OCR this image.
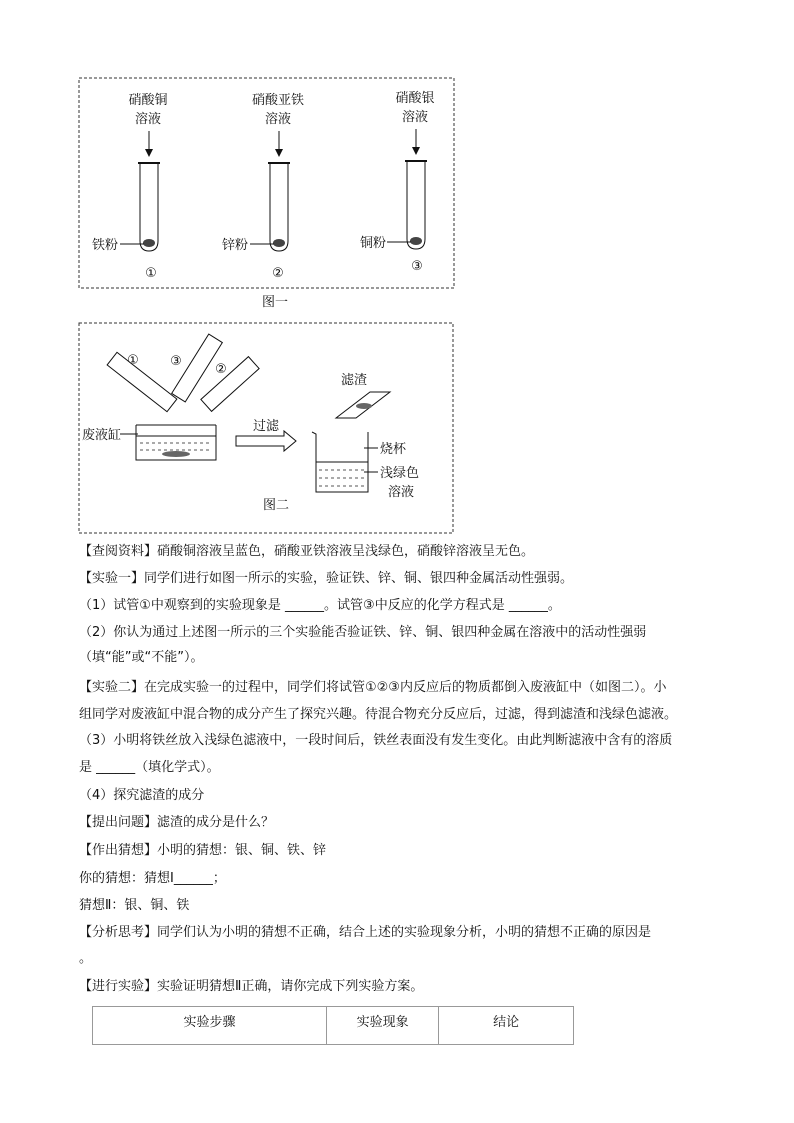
硝酸铜
溶液
铁粉
①
硝酸亚铁
溶液
锌粉
②
硝酸银
溶液
铜粉
③
图一
① ③
②
废液缸
过滤
滤渣
烧杯
浅绿色
溶液
图二
【查阅资料】硝酸铜溶液呈蓝色，硝酸亚铁溶液呈浅绿色，硝酸锌溶液呈无色。
【实验一】同学们进行如图一所示的实验，验证铁、锌、铜、银四种金属活动性强弱。
（1）试管①中观察到的实验现象是 ______。试管③中反应的化学方程式是 ______。
（2）你认为通过上述图一所示的三个实验能否验证铁、锌、铜、银四种金属在溶液中的活动性强弱
（填“能”或“不能”）。
【实验二】在完成实验一的过程中，同学们将试管①②③内反应后的物质都倒入废液缸中（如图二）。小
组同学对废液缸中混合物的成分产生了探究兴趣。待混合物充分反应后，过滤，得到滤渣和浅绿色滤液。
（3）小明将铁丝放入浅绿色滤液中，一段时间后，铁丝表面没有发生变化。由此判断滤液中含有的溶质
是 ______（填化学式）。
（4）探究滤渣的成分
【提出问题】滤渣的成分是什么？
【作出猜想】小明的猜想：银、铜、铁、锌
你的猜想：猜想Ⅰ______；
猜想Ⅱ：银、铜、铁
【分析思考】同学们认为小明的猜想不正确，结合上述的实验现象分析，小明的猜想不正确的原因是
。
【进行实验】实验证明猜想Ⅱ正确，请你完成下列实验方案。
实验步骤	实验现象	结论
